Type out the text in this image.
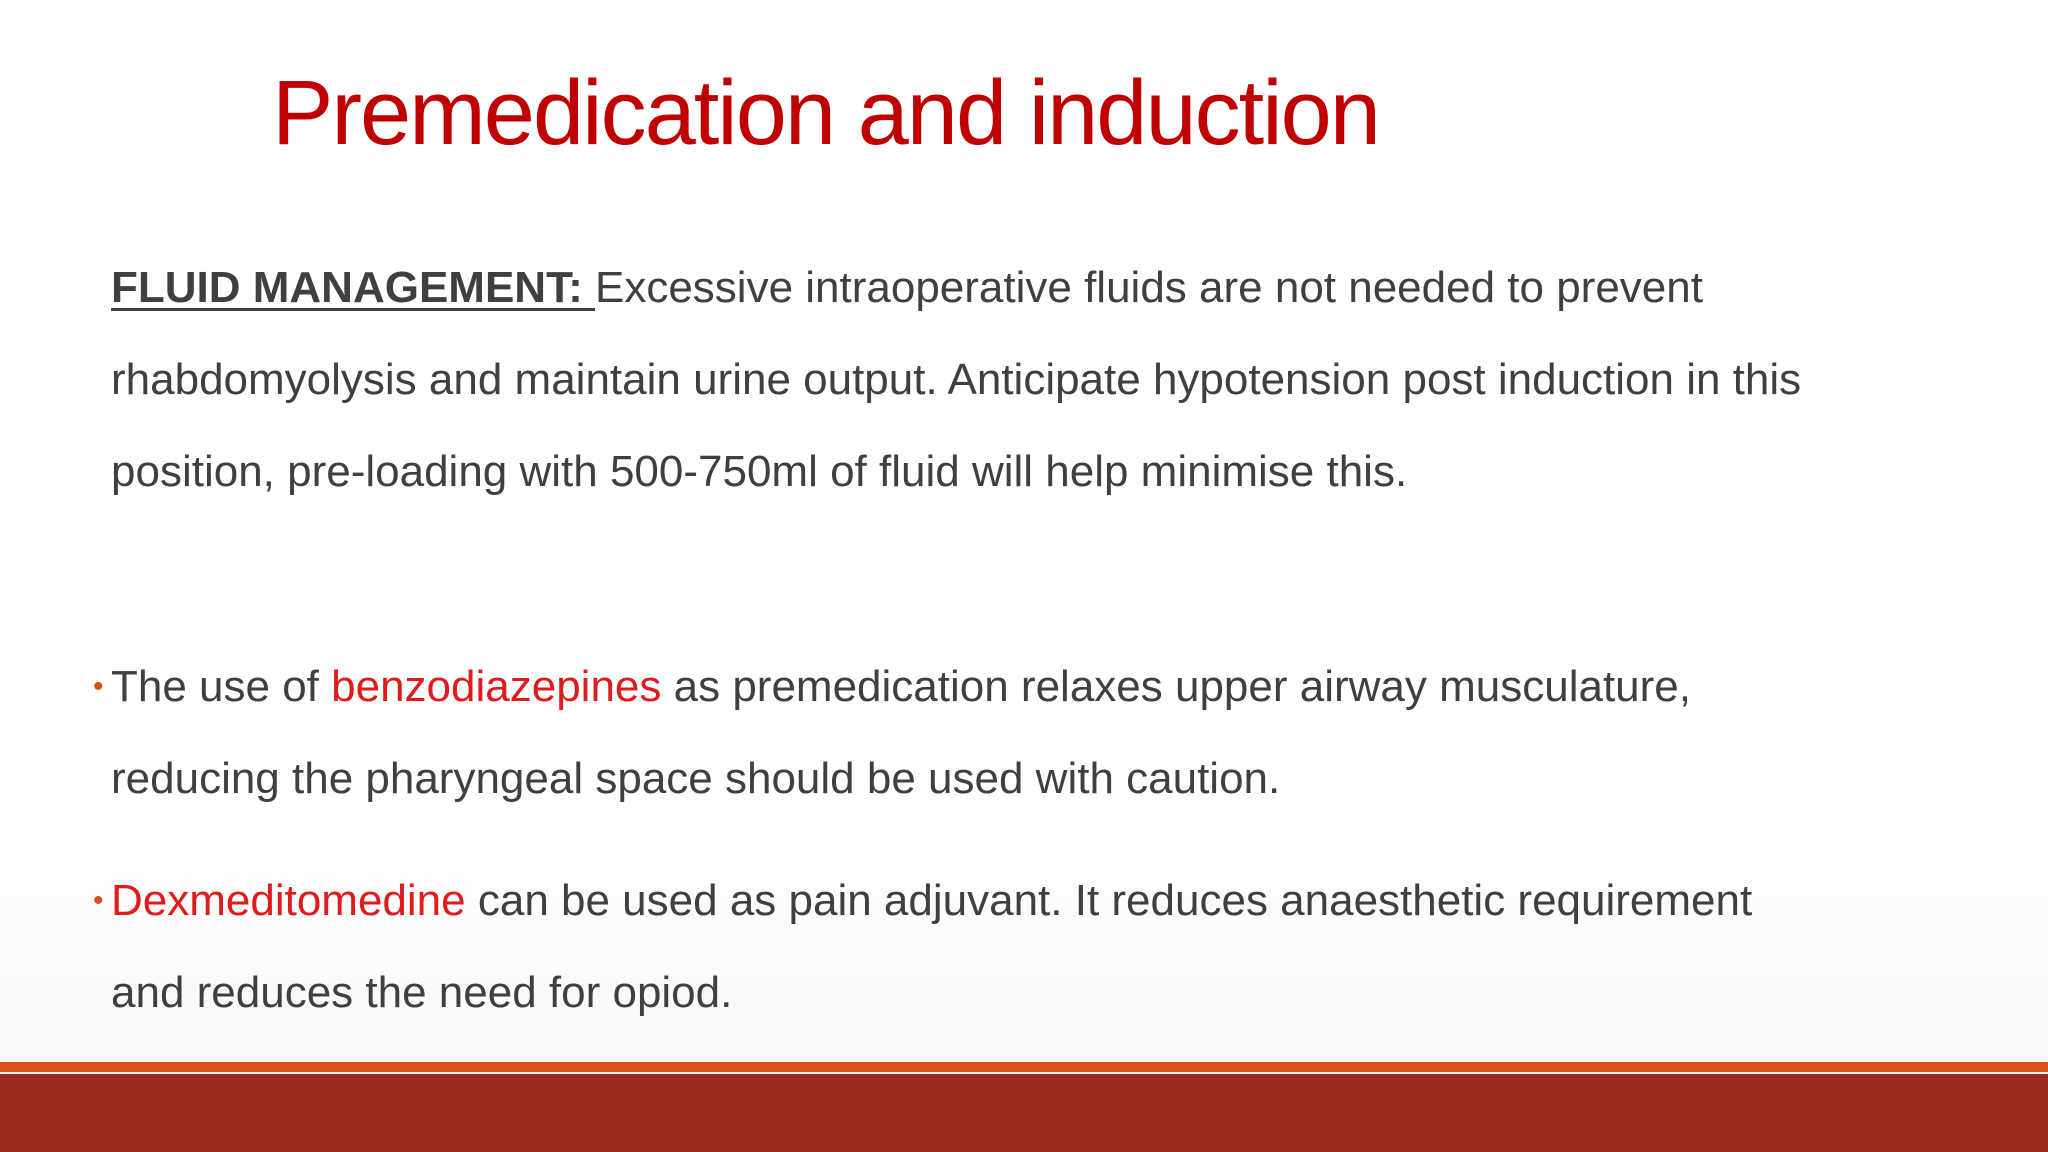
Premedication and induction

FLUID MANAGEMENT: Excessive intraoperative fluids are not needed to prevent rhabdomyolysis and maintain urine output. Anticipate hypotension post induction in this position, pre-loading with 500-750ml of fluid will help minimise this.

• The use of benzodiazepines as premedication relaxes upper airway musculature, reducing the pharyngeal space should be used with caution.

• Dexmeditomedine can be used as pain adjuvant. It reduces anaesthetic requirement and reduces the need for opiod.
